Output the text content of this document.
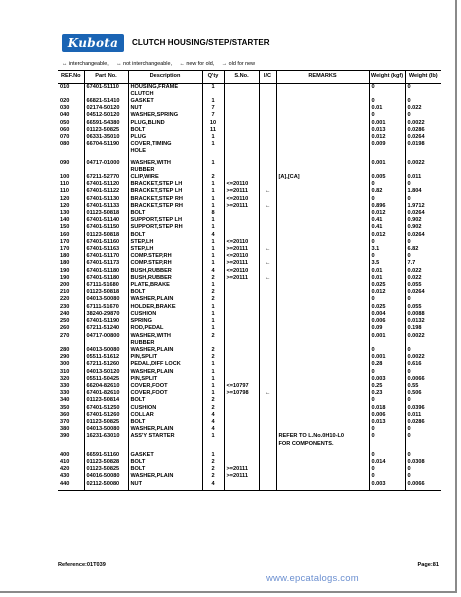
Kubota	CLUTCH HOUSING/STEP/STARTER
↔ interchangeable, ↔ not interchangeable, ← new for old, → old for new
REF.No	Part No.	Description	Q'ty	S.No.	I/C	REMARKS	Weight (kgf)	Weight (lb)
010	67401-51110	HOUSING,FRAME	1				0	0
		CLUTCH						
020	66821-51410	GASKET	1				0	0
030	02174-50120	NUT	7				0.01	0.022
040	04512-50120	WASHER,SPRING	7				0	0
050	66591-54380	PLUG,BLIND	10				0.001	0.0022
060	01123-50825	BOLT	11				0.013	0.0286
070	06331-35010	PLUG	1				0.012	0.0264
080	66704-51190	COVER,TIMING	1				0.009	0.0198
		HOLE						

090	04717-01000	WASHER,WITH	1				0.001	0.0022
		RUBBER						
100	67211-52770	CLIP,WIRE	2			[A],[CA]	0.005	0.011
110	67401-51120	BRACKET,STEP LH	1	<=20110			0	0
110	67401-51122	BRACKET,STEP LH	1	>=20111	←		0.82	1.804
120	67401-51130	BRACKET,STEP RH	1	<=20110			0	0
120	67401-51133	BRACKET,STEP RH	1	>=20111	←		0.896	1.9712
130	01123-50818	BOLT	8				0.012	0.0264
140	67401-51140	SUPPORT,STEP LH	1				0.41	0.902
150	67401-51150	SUPPORT,STEP RH	1				0.41	0.902
160	01123-50818	BOLT	4				0.012	0.0264
170	67401-51160	STEP,LH	1	<=20110			0	0
170	67401-51163	STEP,LH	1	>=20111	←		3.1	6.82
180	67401-51170	COMP.STEP,RH	1	<=20110			0	0
180	67401-51173	COMP.STEP,RH	1	>=20111	←		3.5	7.7
190	67401-51180	BUSH,RUBBER	4	<=20110			0.01	0.022
190	67401-51180	BUSH,RUBBER	2	>=20111	←		0.01	0.022
200	67111-51680	PLATE,BRAKE	1				0.025	0.055
210	01123-50818	BOLT	2				0.012	0.0264
220	04013-50080	WASHER,PLAIN	2				0	0
230	67111-51670	HOLDER,BRAKE	1				0.025	0.055
240	38240-29870	CUSHION	1				0.004	0.0088
250	67401-51190	SPRING	1				0.006	0.0132
260	67211-51240	ROD,PEDAL	1				0.09	0.198
270	04717-00800	WASHER,WITH	2				0.001	0.0022
		RUBBER						
280	04013-50080	WASHER,PLAIN	2				0	0
290	05511-51612	PIN,SPLIT	2				0.001	0.0022
300	67211-51260	PEDAL,DIFF LOCK	1				0.28	0.616
310	04013-50120	WASHER,PLAIN	1				0	0
320	05511-50425	PIN,SPLIT	1				0.003	0.0066
330	66204-82610	COVER,FOOT	1	<=10797			0.25	0.55
330	67401-82610	COVER,FOOT	1	>=10798	←		0.23	0.506
340	01123-50814	BOLT	2				0	0
350	67401-51250	CUSHION	2				0.018	0.0396
360	67401-51260	COLLAR	4				0.006	0.011
370	01123-50825	BOLT	4				0.013	0.0286
380	04013-50080	WASHER,PLAIN	4				0	0
390	16231-63010	ASS'Y STARTER	1			REFER TO L.No.0H10-L0	0	0
						FOR COMPONENTS.		

400	66591-51160	GASKET	1				0	0
410	01123-50828	BOLT	2				0.014	0.0308
420	01123-50825	BOLT	2	>=20111			0	0
430	04016-50080	WASHER,PLAIN	2	>=20111			0	0
440	02112-50080	NUT	4				0.003	0.0066
Reference:01T039	Page:81
www.epcatalogs.com
